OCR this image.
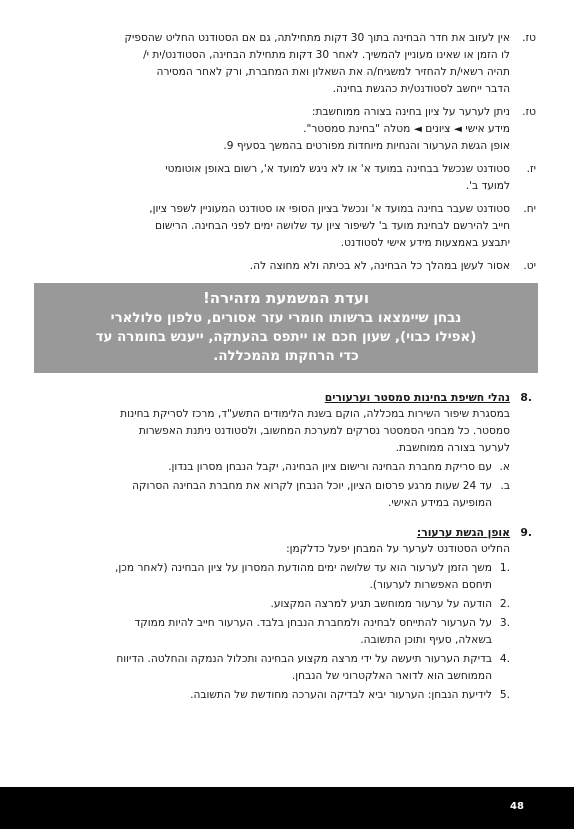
טז.
אין לעזוב את חדר הבחינה בתוך 30 דקות מתחילתה, גם אם הסטודנט החליט שהספיק
לו הזמן או שאינו מעוניין להמשיך. לאחר 30 דקות מתחילת הבחינה, הסטודנט/ית י/
תהיה רשאי/ת להחזיר למשגיח/ה את השאלון ואת המחברת, ורק לאחר המסירה
הדבר ייחשב לסטודנט/ית כהגשת בחינה.
טז.
ניתן לערער על ציון בחינה בצורה ממוחשבת:
מידע אישי ◄ ציונים ◄ מטלה "בחינת סמסטר".
אופן הגשת הערעור והנחיות מיוחדות מפורטים בהמשך בסעיף 9.
יז.
סטודנט שנכשל בבחינה במועד א' או לא ניגש למועד א', רשום באופן אוטומטי
למועד ב'.
יח.
סטודנט שעבר בחינה במועד א' ונכשל בציון הסופי או סטודנט המעוניין לשפר ציון,
חייב להירשם לבחינת מועד ב' לשיפור ציון עד שלושה ימים לפני הבחינה. הרישום
יתבצע באמצעות מידע אישי לסטודנט.
יט.
אסור לעשן במהלך כל הבחינה, לא בכיתה ולא מחוצה לה.
ועדת המשמעת מזהירה!
נבחן שיימצאו ברשותו חומרי עזר אסורים, טלפון סלולארי
(אפילו כבוי), שעון חכם או ייתפס בהעתקה, ייענש בחומרה עד
כדי הרחקתו מהמכללה.
.8
נהלי חשיפת בחינות סמסטר וערעורים
במסגרת שיפור השירות במכללה, הוקם בשנת הלימודים התשע"ד, מרכז לסריקת בחינות
סמסטר. כל מבחני הסמסטר נסרקים למערכת המחשוב, ולסטודנט ניתנת האפשרות
לערער בצורה ממוחשבת.
א.
עם סריקת מחברת הבחינה ורישום ציון הבחינה, יקבל הנבחן מסרון בנדון.
ב.
עד 24 שעות מרגע פרסום הציון, יוכל הנבחן לקרוא את מחברת הבחינה הסרוקה
המופיעה במידע האישי.
.9
אופן הגשת ערעור:
החליט הסטודנט לערער על המבחן יפעל כדלקמן:
.1
משך הזמן לערעור הוא עד שלושה ימים מהודעת המסרון על ציון הבחינה (לאחר מכן,
תיחסם האפשרות לערעור).
.2
הודעה על ערעור ממוחשב תגיע למרצה המקצוע.
.3
על הערעור להתייחס לבחינה ולמחברת הנבחן בלבד. הערעור חייב להיות ממוקד
בשאלה, סעיף ותוכן התשובה.
.4
בדיקת הערעור תיעשה על ידי מרצה מקצוע הבחינה ותכלול הנמקה והחלטה. הדיווח
הממוחשב הוא לדואר האלקטרוני של הנבחן.
.5
לידיעת הנבחן: הערעור יביא לבדיקה והערכה מחודשת של התשובה.
48
